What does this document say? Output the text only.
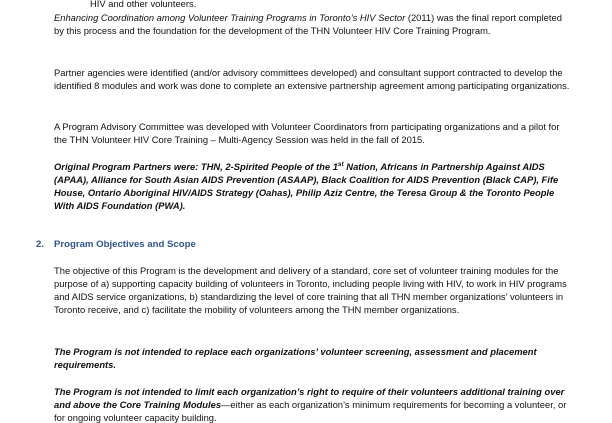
HIV and other volunteers.

Enhancing Coordination among Volunteer Training Programs in Toronto’s HIV Sector (2011) was the final report completed by this process and the foundation for the development of the THN Volunteer HIV Core Training Program.

Partner agencies were identified (and/or advisory committees developed) and consultant support contracted to develop the identified 8 modules and work was done to complete an extensive partnership agreement among participating organizations.

A Program Advisory Committee was developed with Volunteer Coordinators from participating organizations and a pilot for the THN Volunteer HIV Core Training – Multi-Agency Session was held in the fall of 2015.

Original Program Partners were: THN, 2-Spirited People of the 1st Nation, Africans in Partnership Against AIDS (APAA), Alliance for South Asian AIDS Prevention (ASAAP), Black Coalition for AIDS Prevention (Black CAP), Fife House, Ontario Aboriginal HIV/AIDS Strategy (Oahas), Philip Aziz Centre, the Teresa Group & the Toronto People With AIDS Foundation (PWA).

2. Program Objectives and Scope

The objective of this Program is the development and delivery of a standard, core set of volunteer training modules for the purpose of a) supporting capacity building of volunteers in Toronto, including people living with HIV, to work in HIV programs and AIDS service organizations, b) standardizing the level of core training that all THN member organizations’ volunteers in Toronto receive, and c) facilitate the mobility of volunteers among the THN member organizations.

The Program is not intended to replace each organizations’ volunteer screening, assessment and placement requirements.

The Program is not intended to limit each organization’s right to require of their volunteers additional training over and above the Core Training Modules—either as each organization’s minimum requirements for becoming a volunteer, or for ongoing volunteer capacity building.
